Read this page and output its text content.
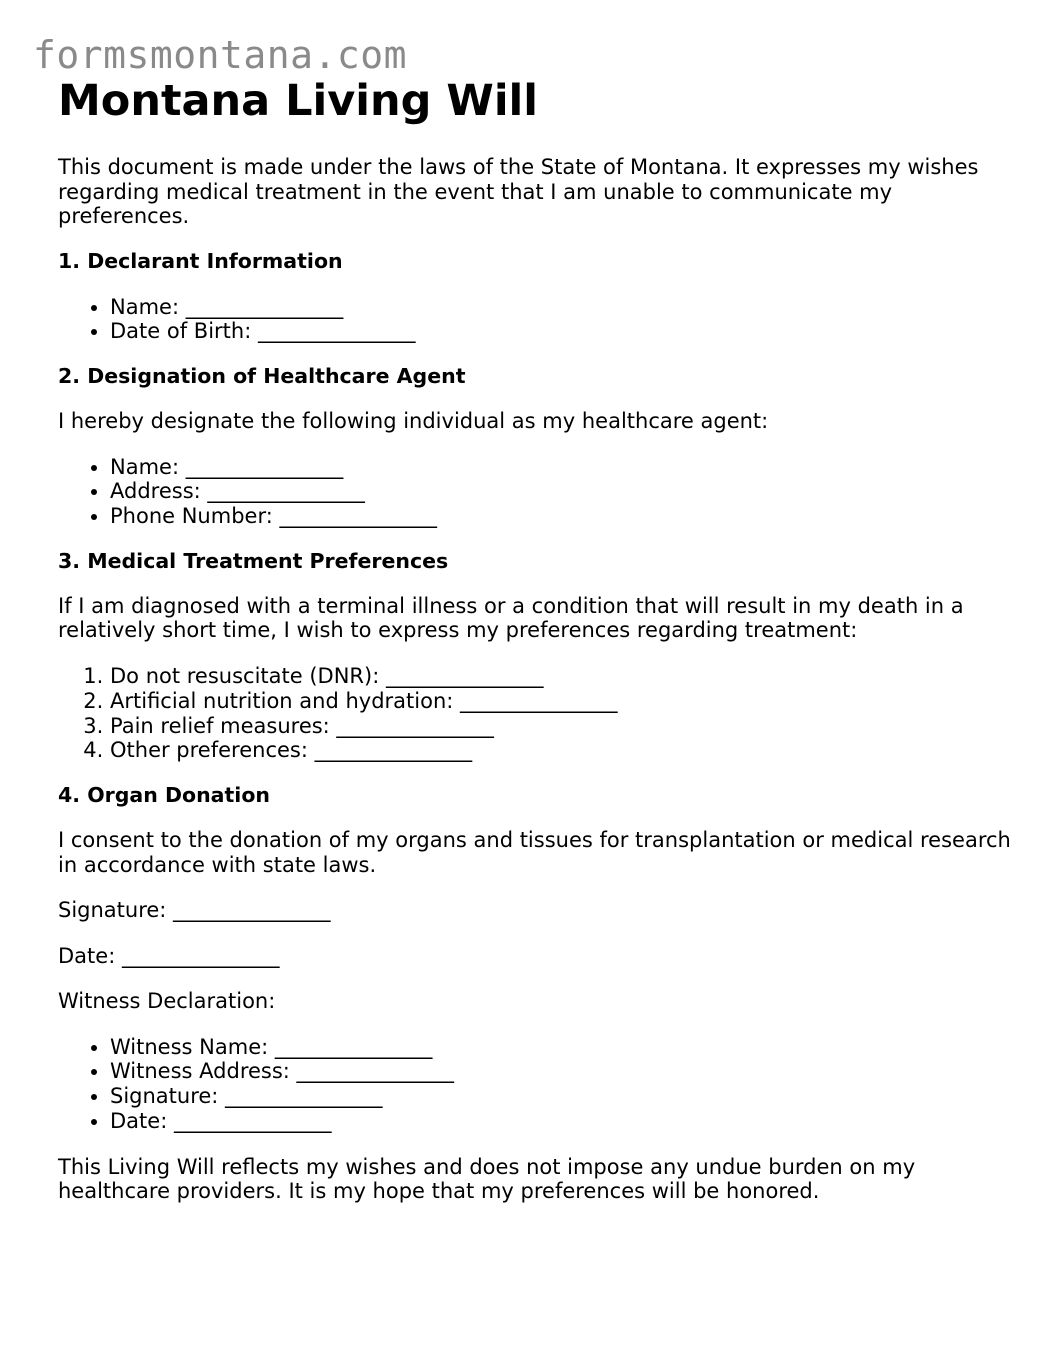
formsmontana.com
Montana Living Will

This document is made under the laws of the State of Montana. It expresses my wishes regarding medical treatment in the event that I am unable to communicate my preferences.

1. Declarant Information
• Name: _______________
• Date of Birth: _______________
2. Designation of Healthcare Agent

I hereby designate the following individual as my healthcare agent:

• Name: _______________
• Address: _______________
• Phone Number: _______________
3. Medical Treatment Preferences

If I am diagnosed with a terminal illness or a condition that will result in my death in a relatively short time, I wish to express my preferences regarding treatment:

1. Do not resuscitate (DNR): _______________
2. Artificial nutrition and hydration: _______________
3. Pain relief measures: _______________
4. Other preferences: _______________
4. Organ Donation

I consent to the donation of my organs and tissues for transplantation or medical research in accordance with state laws.

Signature: _______________

Date: _______________

Witness Declaration:

• Witness Name: _______________
• Witness Address: _______________
• Signature: _______________
• Date: _______________

This Living Will reflects my wishes and does not impose any undue burden on my healthcare providers. It is my hope that my preferences will be honored.
